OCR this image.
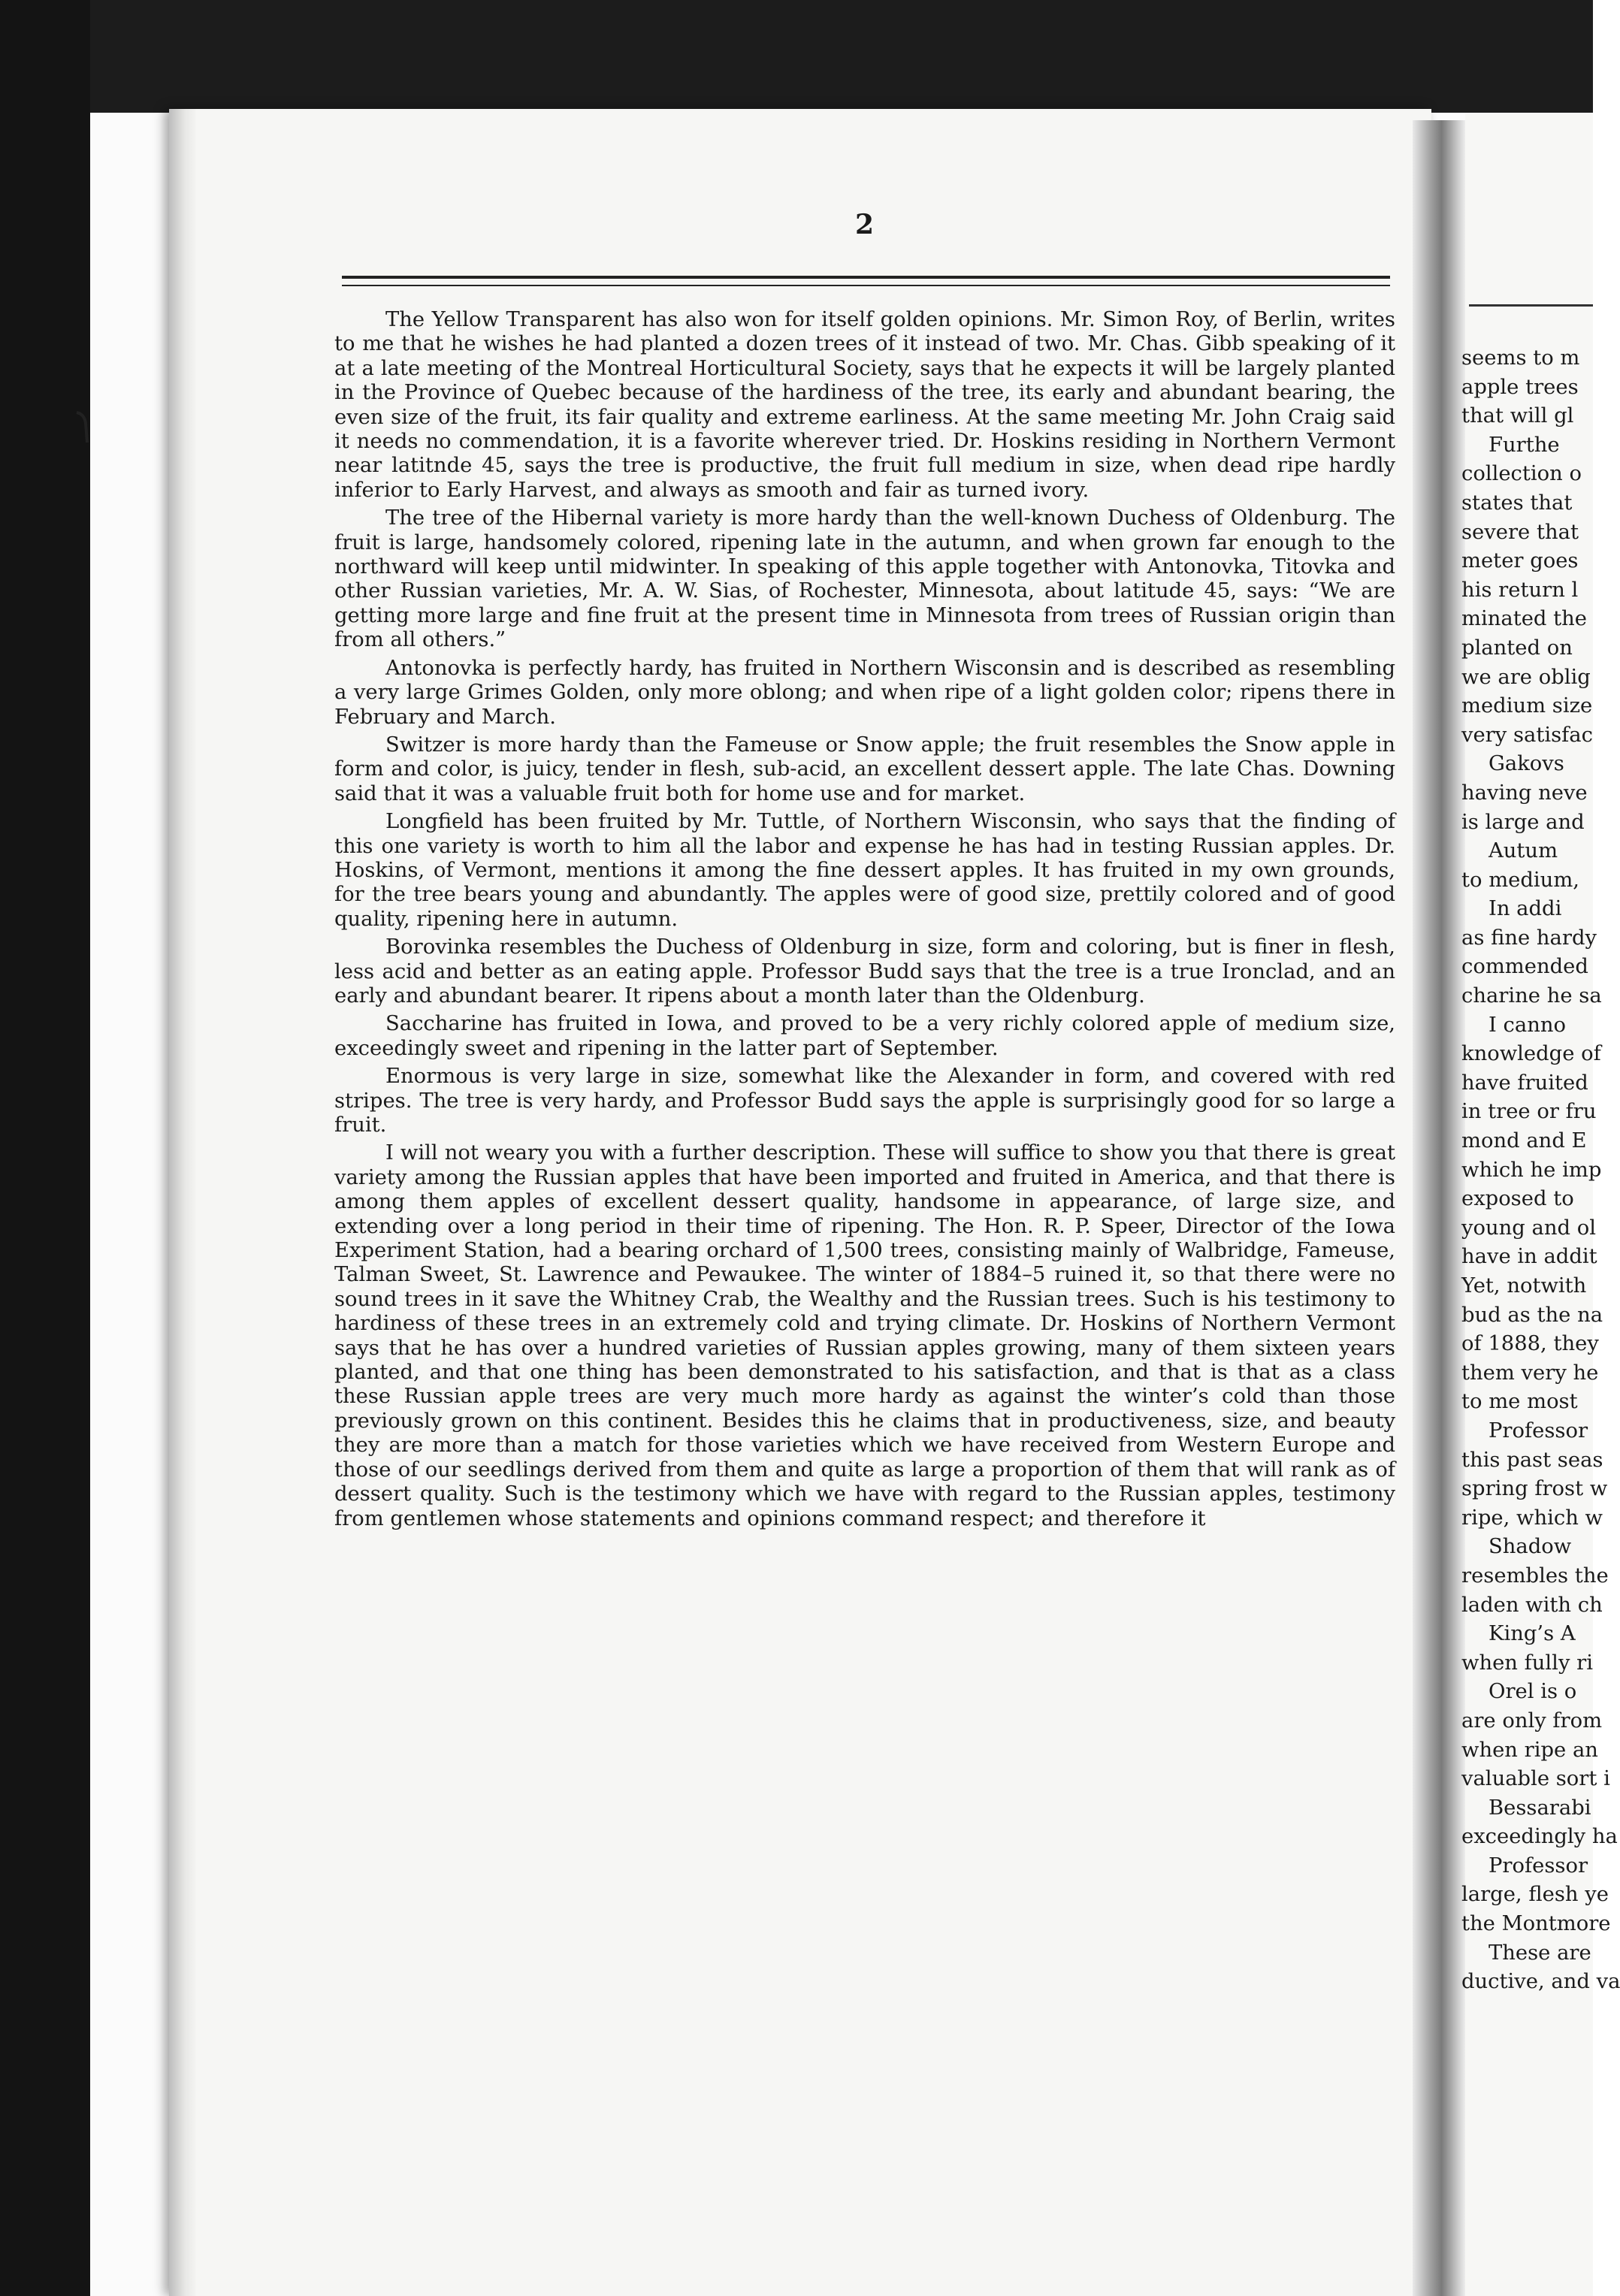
2

The Yellow Transparent has also won for itself golden opinions. Mr. Simon Roy, of Berlin, writes to me that he wishes he had planted a dozen trees of it instead of two. Mr. Chas. Gibb speaking of it at a late meeting of the Montreal Horticultural Society, says that he expects it will be largely planted in the Province of Quebec because of the hardiness of the tree, its early and abundant bearing, the even size of the fruit, its fair quality and extreme earliness. At the same meeting Mr. John Craig said it needs no commendation, it is a favorite wherever tried. Dr. Hoskins residing in Northern Vermont near latitnde 45, says the tree is productive, the fruit full medium in size, when dead ripe hardly inferior to Early Harvest, and always as smooth and fair as turned ivory.

The tree of the Hibernal variety is more hardy than the well-known Duchess of Oldenburg. The fruit is large, handsomely colored, ripening late in the autumn, and when grown far enough to the northward will keep until midwinter. In speaking of this apple together with Antonovka, Titovka and other Russian varieties, Mr. A. W. Sias, of Rochester, Minnesota, about latitude 45, says: “We are getting more large and fine fruit at the present time in Minnesota from trees of Russian origin than from all others.”

Antonovka is perfectly hardy, has fruited in Northern Wisconsin and is described as resembling a very large Grimes Golden, only more oblong; and when ripe of a light golden color; ripens there in February and March.

Switzer is more hardy than the Fameuse or Snow apple; the fruit resembles the Snow apple in form and color, is juicy, tender in flesh, sub-acid, an excellent dessert apple. The late Chas. Downing said that it was a valuable fruit both for home use and for market.

Longfield has been fruited by Mr. Tuttle, of Northern Wisconsin, who says that the finding of this one variety is worth to him all the labor and expense he has had in testing Russian apples. Dr. Hoskins, of Vermont, mentions it among the fine dessert apples. It has fruited in my own grounds, for the tree bears young and abundantly. The apples were of good size, prettily colored and of good quality, ripening here in autumn.

Borovinka resembles the Duchess of Oldenburg in size, form and coloring, but is finer in flesh, less acid and better as an eating apple. Professor Budd says that the tree is a true Ironclad, and an early and abundant bearer. It ripens about a month later than the Oldenburg.

Saccharine has fruited in Iowa, and proved to be a very richly colored apple of medium size, exceedingly sweet and ripening in the latter part of September.

Enormous is very large in size, somewhat like the Alexander in form, and covered with red stripes. The tree is very hardy, and Professor Budd says the apple is surprisingly good for so large a fruit.

I will not weary you with a further description. These will suffice to show you that there is great variety among the Russian apples that have been imported and fruited in America, and that there is among them apples of excellent dessert quality, handsome in appearance, of large size, and extending over a long period in their time of ripening. The Hon. R. P. Speer, Director of the Iowa Experiment Station, had a bearing orchard of 1,500 trees, consisting mainly of Walbridge, Fameuse, Talman Sweet, St. Lawrence and Pewaukee. The winter of 1884–5 ruined it, so that there were no sound trees in it save the Whitney Crab, the Wealthy and the Russian trees. Such is his testimony to hardiness of these trees in an extremely cold and trying climate. Dr. Hoskins of Northern Vermont says that he has over a hundred varieties of Russian apples growing, many of them sixteen years planted, and that one thing has been demonstrated to his satisfaction, and that is that as a class these Russian apple trees are very much more hardy as against the winter’s cold than those previously grown on this continent. Besides this he claims that in productiveness, size, and beauty they are more than a match for those varieties which we have received from Western Europe and those of our seedlings derived from them and quite as large a proportion of them that will rank as of dessert quality. Such is the testimony which we have with regard to the Russian apples, testimony from gentlemen whose statements and opinions command respect; and therefore it

seems to m
apple trees
that will gl
Furthe
collection o
states that
severe that
meter goes
his return l
minated the
planted on
we are oblig
medium size
very satisfac
Gakovs
having neve
is large and
Autum
to medium,
In addi
as fine hardy
commended
charine he sa
I canno
knowledge of
have fruited
in tree or fru
mond and E
which he imp
exposed to
young and ol
have in addit
Yet, notwith
bud as the na
of 1888, they
them very he
to me most
Professor
this past seas
spring frost w
ripe, which w
Shadow
resembles the
laden with ch
King’s A
when fully ri
Orel is o
are only from
when ripe an
valuable sort i
Bessarabi
exceedingly ha
Professor
large, flesh ye
the Montmore
These are
ductive, and va
